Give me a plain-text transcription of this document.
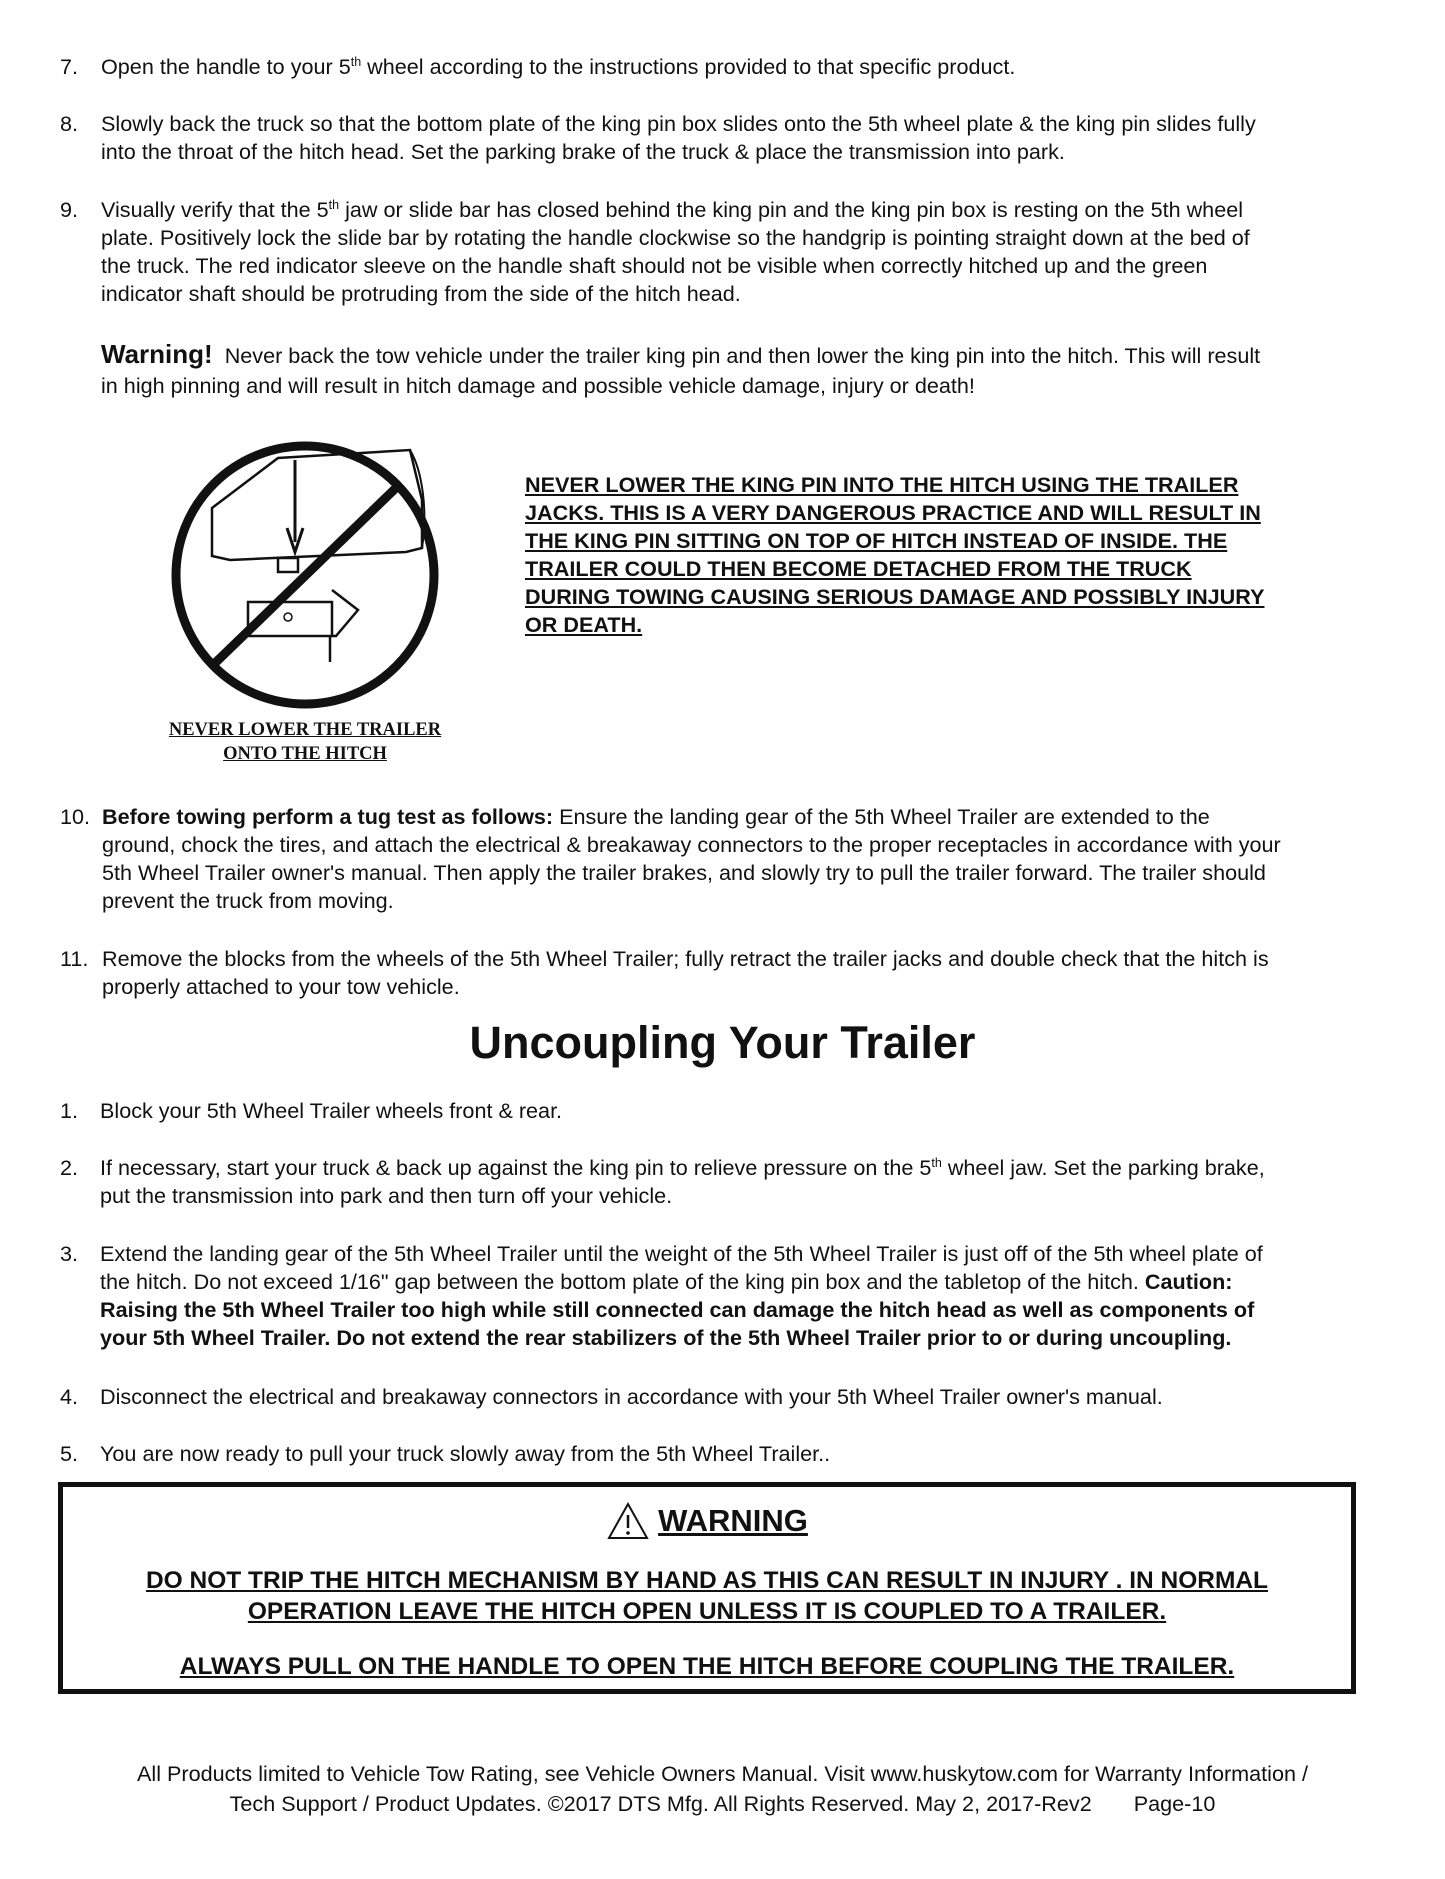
7. Open the handle to your 5th wheel according to the instructions provided to that specific product.
8. Slowly back the truck so that the bottom plate of the king pin box slides onto the 5th wheel plate & the king pin slides fully
into the throat of the hitch head. Set the parking brake of the truck & place the transmission into park.
9. Visually verify that the 5th jaw or slide bar has closed behind the king pin and the king pin box is resting on the 5th wheel
plate. Positively lock the slide bar by rotating the handle clockwise so the handgrip is pointing straight down at the bed of
the truck. The red indicator sleeve on the handle shaft should not be visible when correctly hitched up and the green
indicator shaft should be protruding from the side of the hitch head.
Warning! Never back the tow vehicle under the trailer king pin and then lower the king pin into the hitch. This will result
in high pinning and will result in hitch damage and possible vehicle damage, injury or death!
NEVER LOWER THE TRAILER
ONTO THE HITCH
NEVER LOWER THE KING PIN INTO THE HITCH USING THE TRAILER
JACKS. THIS IS A VERY DANGEROUS PRACTICE AND WILL RESULT IN
THE KING PIN SITTING ON TOP OF HITCH INSTEAD OF INSIDE. THE
TRAILER COULD THEN BECOME DETACHED FROM THE TRUCK
DURING TOWING CAUSING SERIOUS DAMAGE AND POSSIBLY INJURY
OR DEATH.
10. Before towing perform a tug test as follows: Ensure the landing gear of the 5th Wheel Trailer are extended to the
ground, chock the tires, and attach the electrical & breakaway connectors to the proper receptacles in accordance with your
5th Wheel Trailer owner's manual. Then apply the trailer brakes, and slowly try to pull the trailer forward. The trailer should
prevent the truck from moving.
11. Remove the blocks from the wheels of the 5th Wheel Trailer; fully retract the trailer jacks and double check that the hitch is
properly attached to your tow vehicle.
Uncoupling Your Trailer
1. Block your 5th Wheel Trailer wheels front & rear.
2. If necessary, start your truck & back up against the king pin to relieve pressure on the 5th wheel jaw. Set the parking brake,
put the transmission into park and then turn off your vehicle.
3. Extend the landing gear of the 5th Wheel Trailer until the weight of the 5th Wheel Trailer is just off of the 5th wheel plate of
the hitch. Do not exceed 1/16" gap between the bottom plate of the king pin box and the tabletop of the hitch. Caution:
Raising the 5th Wheel Trailer too high while still connected can damage the hitch head as well as components of
your 5th Wheel Trailer. Do not extend the rear stabilizers of the 5th Wheel Trailer prior to or during uncoupling.
4. Disconnect the electrical and breakaway connectors in accordance with your 5th Wheel Trailer owner's manual.
5. You are now ready to pull your truck slowly away from the 5th Wheel Trailer..
WARNING
DO NOT TRIP THE HITCH MECHANISM BY HAND AS THIS CAN RESULT IN INJURY . IN NORMAL
OPERATION LEAVE THE HITCH OPEN UNLESS IT IS COUPLED TO A TRAILER.
ALWAYS PULL ON THE HANDLE TO OPEN THE HITCH BEFORE COUPLING THE TRAILER.
All Products limited to Vehicle Tow Rating, see Vehicle Owners Manual. Visit www.huskytow.com for Warranty Information /
Tech Support / Product Updates. ©2017 DTS Mfg. All Rights Reserved. May 2, 2017-Rev2 Page-10
